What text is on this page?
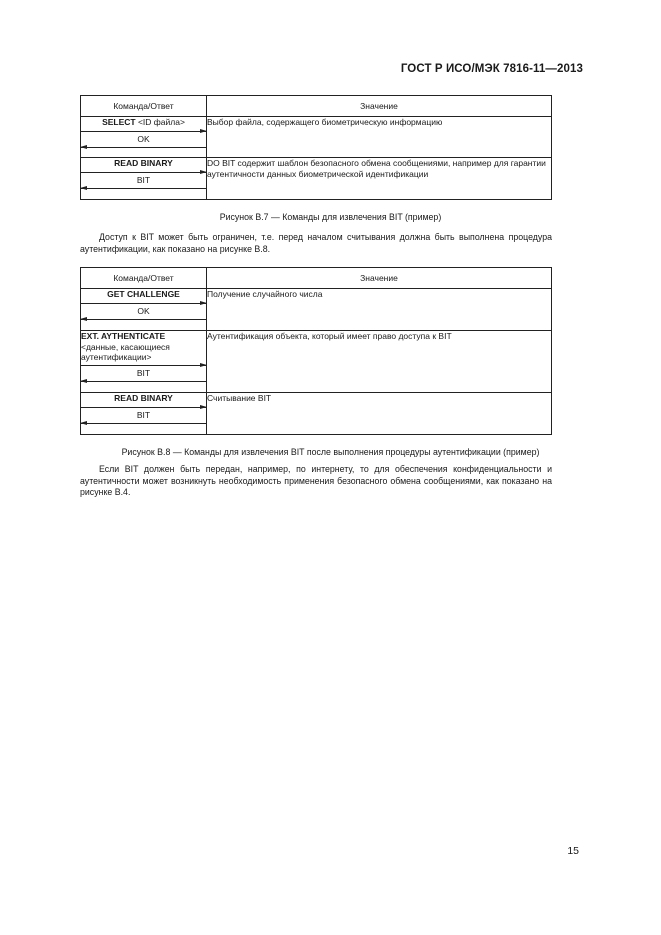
ГОСТ Р ИСО/МЭК 7816-11—2013
Команда/Ответ	Значение

SELECT <ID файла>
OK	Выбор файла, содержащего биометрическую информацию

READ BINARY
BIT	DO BIT содержит шаблон безопасного обмена сообщениями, например для гарантии аутентичности данных биометрической идентификации
Рисунок В.7 — Команды для извлечения BIT (пример)

Доступ к BIT может быть ограничен, т.е. перед началом считывания должна быть выполнена процедура аутентификации, как показано на рисунке В.8.

Команда/Ответ	Значение

GET CHALLENGE
OK	Получение случайного числа

EXT. AYTHENTICATE
<данные, касающиеся аутентификации>
BIT	Аутентификация объекта, который имеет право доступа к BIT

READ BINARY
BIT	Считывание BIT
Рисунок В.8 — Команды для извлечения BIT после выполнения процедуры аутентификации (пример)

Если BIT должен быть передан, например, по интернету, то для обеспечения конфиденциальности и аутентичности может возникнуть необходимость применения безопасного обмена сообщениями, как показано на рисунке В.4.

15
